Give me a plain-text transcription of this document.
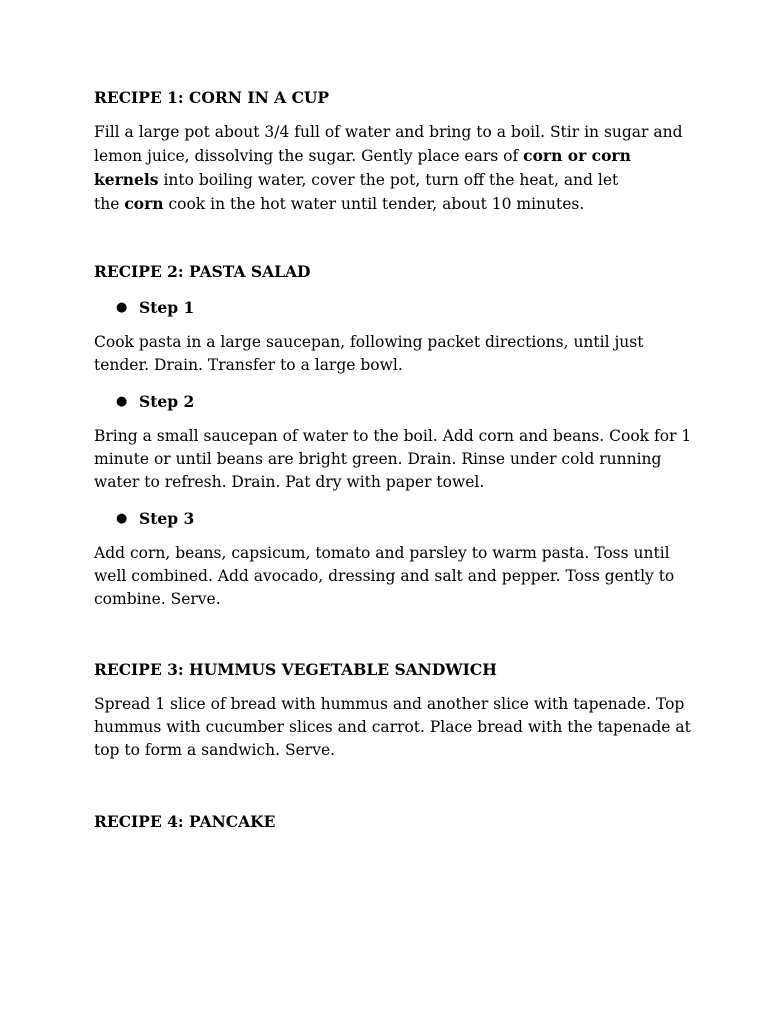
RECIPE 1: CORN IN A CUP
Fill a large pot about 3/4 full of water and bring to a boil. Stir in sugar and
lemon juice, dissolving the sugar. Gently place ears of corn or corn
kernels into boiling water, cover the pot, turn off the heat, and let
the corn cook in the hot water until tender, about 10 minutes.
RECIPE 2: PASTA SALAD
● Step 1
Cook pasta in a large saucepan, following packet directions, until just
tender. Drain. Transfer to a large bowl.
● Step 2
Bring a small saucepan of water to the boil. Add corn and beans. Cook for 1
minute or until beans are bright green. Drain. Rinse under cold running
water to refresh. Drain. Pat dry with paper towel.
● Step 3
Add corn, beans, capsicum, tomato and parsley to warm pasta. Toss until
well combined. Add avocado, dressing and salt and pepper. Toss gently to
combine. Serve.
RECIPE 3: HUMMUS VEGETABLE SANDWICH
Spread 1 slice of bread with hummus and another slice with tapenade. Top
hummus with cucumber slices and carrot. Place bread with the tapenade at
top to form a sandwich. Serve.
RECIPE 4: PANCAKE
